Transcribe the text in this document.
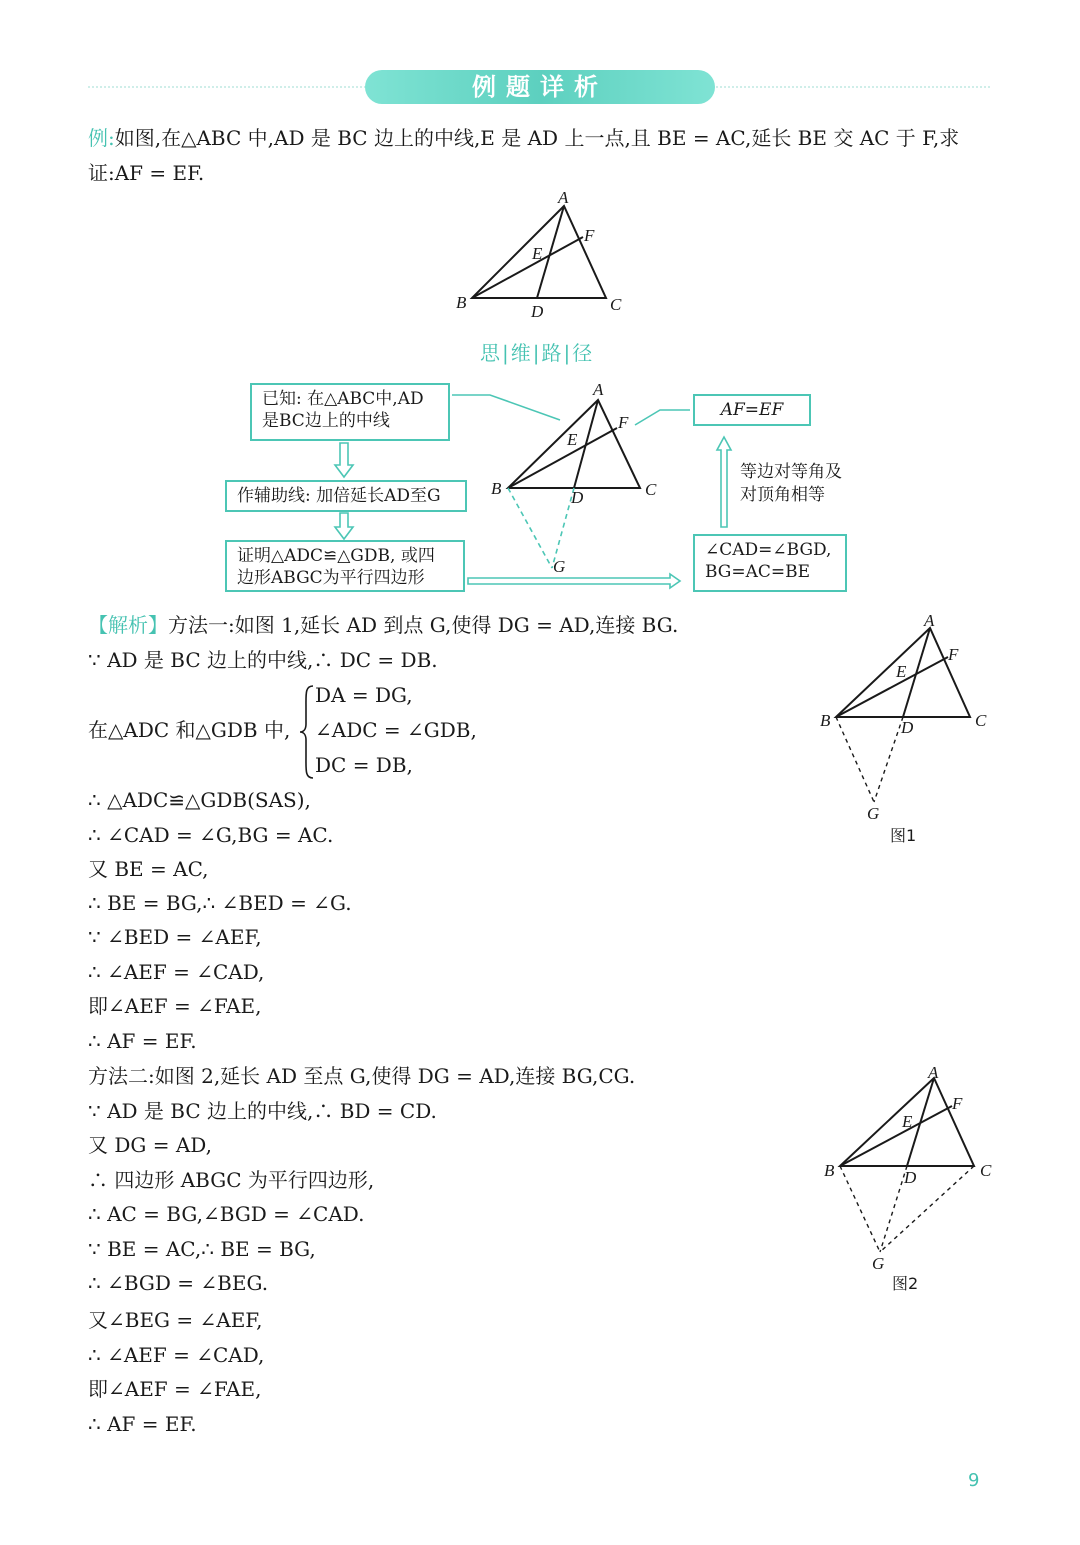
例题详析
例:如图,在△ABC 中,AD 是 BC 边上的中线,E 是 AD 上一点,且 BE = AC,延长 BE 交 AC 于 F,求
证:AF = EF.
A
B	C
D
E
F
思|维|路|径
已知: 在△ABC中,AD
是BC边上的中线
作辅助线: 加倍延长AD至G
证明△ADC≌△GDB, 或四
边形ABGC为平行四边形
AF=EF
∠CAD=∠BGD,
BG=AC=BE
等边对等角及
对顶角相等
A
B	C
D
E
F
G
【解析】方法一:如图 1,延长 AD 到点 G,使得 DG = AD,连接 BG.
∵ AD 是 BC 边上的中线,∴ DC = DB.
在△ADC 和△GDB 中,
DA = DG,
∠ADC = ∠GDB,
DC = DB,
∴ △ADC≌△GDB(SAS),
∴ ∠CAD = ∠G,BG = AC.
又 BE = AC,
∴ BE = BG,∴ ∠BED = ∠G.
∵ ∠BED = ∠AEF,
∴ ∠AEF = ∠CAD,
即∠AEF = ∠FAE,
∴ AF = EF.
A
B	C
D
E
F
G
图1
方法二:如图 2,延长 AD 至点 G,使得 DG = AD,连接 BG,CG.
∵ AD 是 BC 边上的中线,∴ BD = CD.
又 DG = AD,
∴ 四边形 ABGC 为平行四边形,
∴ AC = BG,∠BGD = ∠CAD.
∵ BE = AC,∴ BE = BG,
∴ ∠BGD = ∠BEG.
又∠BEG = ∠AEF,
∴ ∠AEF = ∠CAD,
即∠AEF = ∠FAE,
∴ AF = EF.
A
B	C
D
E
F
G
图2
9
